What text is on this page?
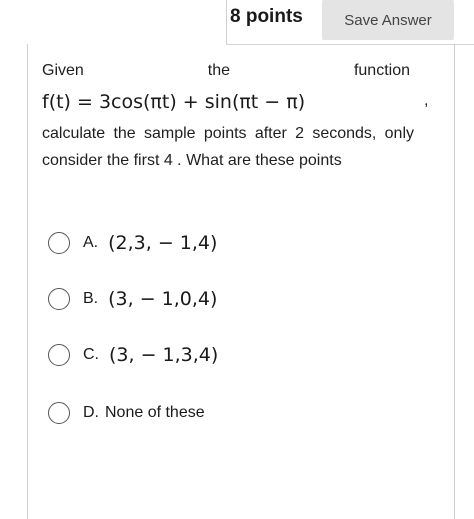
8 points	Save Answer
Given	the	function
f(t) = 3cos(πt) + sin(πt − π)	,
calculate the sample points after 2 seconds, only consider the first 4 . What are these points
A. (2,3, − 1,4)
B. (3, − 1,0,4)
C. (3, − 1,3,4)
D. None of these
